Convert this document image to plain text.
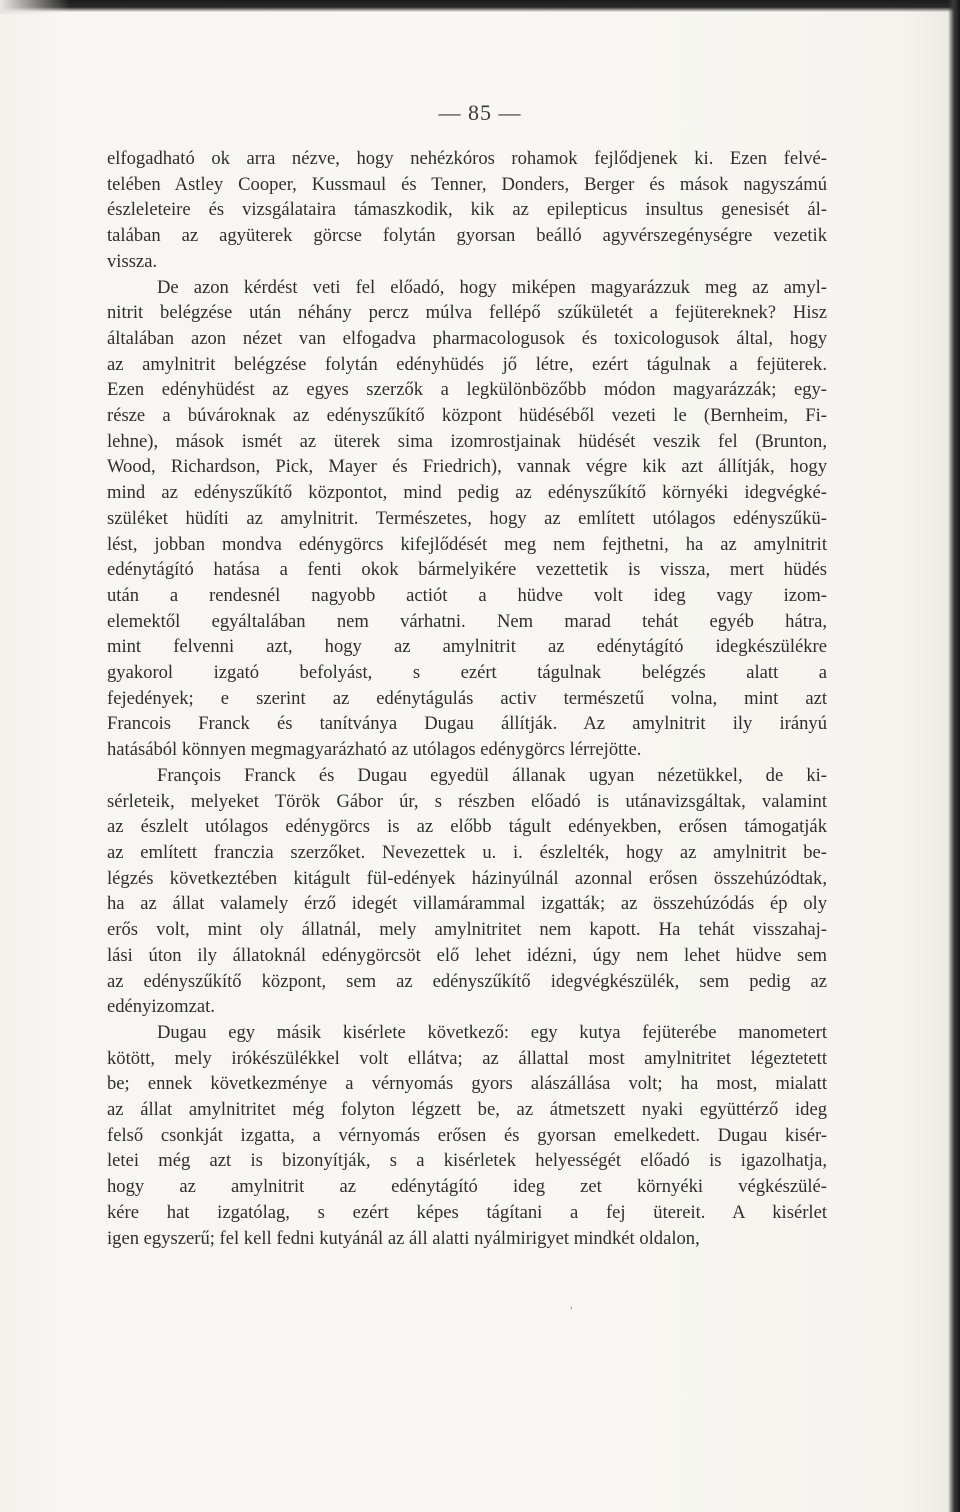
— 85 —

elfogadható ok arra nézve, hogy nehézkóros rohamok fejlődjenek ki. Ezen felvé-
telében Astley Cooper, Kussmaul és Tenner, Donders, Berger és mások nagyszámú
észleleteire és vizsgálataira támaszkodik, kik az epilepticus insultus genesisét ál-
talában az agyüterek görcse folytán gyorsan beálló agyvérszegénységre vezetik
vissza.

De azon kérdést veti fel előadó, hogy miképen magyarázzuk meg az amyl-
nitrit belégzése után néhány percz múlva fellépő szűkületét a fejütereknek? Hisz
általában azon nézet van elfogadva pharmacologusok és toxicologusok által, hogy
az amylnitrit belégzése folytán edényhüdés jő létre, ezért tágulnak a fejüterek.
Ezen edényhüdést az egyes szerzők a legkülönbözőbb módon magyarázzák; egy-
része a búvároknak az edényszűkítő központ hüdéséből vezeti le (Bernheim, Fi-
lehne), mások ismét az üterek sima izomrostjainak hüdését veszik fel (Brunton,
Wood, Richardson, Pick, Mayer és Friedrich), vannak végre kik azt állítják, hogy
mind az edényszűkítő központot, mind pedig az edényszűkítő környéki idegvégké-
szüléket hüdíti az amylnitrit. Természetes, hogy az említett utólagos edényszűkü-
lést, jobban mondva edénygörcs kifejlődését meg nem fejthetni, ha az amylnitrit
edénytágító hatása a fenti okok bármelyikére vezettetik is vissza, mert hüdés
után a rendesnél nagyobb actiót a hüdve volt ideg vagy izom-
elemektől egyáltalában nem várhatni. Nem marad tehát egyéb hátra,
mint felvenni azt, hogy az amylnitrit az edénytágító idegkészülékre
gyakorol izgató befolyást, s ezért tágulnak belégzés alatt a
fejedények; e szerint az edénytágulás activ természetű volna, mint azt
Francois Franck és tanítványa Dugau állítják. Az amylnitrit ily irányú
hatásából könnyen megmagyarázható az utólagos edénygörcs lérrejötte.

François Franck és Dugau egyedül állanak ugyan nézetükkel, de ki-
sérleteik, melyeket Török Gábor úr, s részben előadó is utánavizsgáltak, valamint
az észlelt utólagos edénygörcs is az előbb tágult edényekben, erősen támogatják
az említett franczia szerzőket. Nevezettek u. i. észlelték, hogy az amylnitrit be-
légzés következtében kitágult fül-edények házinyúlnál azonnal erősen összehúzódtak,
ha az állat valamely érző idegét villamárammal izgatták; az összehúzódás ép oly
erős volt, mint oly állatnál, mely amylnitritet nem kapott. Ha tehát visszahaj-
lási úton ily állatoknál edénygörcsöt elő lehet idézni, úgy nem lehet hüdve sem
az edényszűkítő központ, sem az edényszűkítő idegvégkészülék, sem pedig az
edényizomzat.

Dugau egy másik kisérlete következő: egy kutya fejüterébe manometert
kötött, mely irókészülékkel volt ellátva; az állattal most amylnitritet légeztetett
be; ennek következménye a vérnyomás gyors alászállása volt; ha most, mialatt
az állat amylnitritet még folyton légzett be, az átmetszett nyaki együttérző ideg
felső csonkját izgatta, a vérnyomás erősen és gyorsan emelkedett. Dugau kisér-
letei még azt is bizonyítják, s a kisérletek helyességét előadó is igazolhatja,
hogy az amylnitrit az edénytágító ideg zet környéki végkészülé-
kére hat izgatólag, s ezért képes tágítani a fej ütereit. A kisérlet
igen egyszerű; fel kell fedni kutyánál az áll alatti nyálmirigyet mindkét oldalon,

,
